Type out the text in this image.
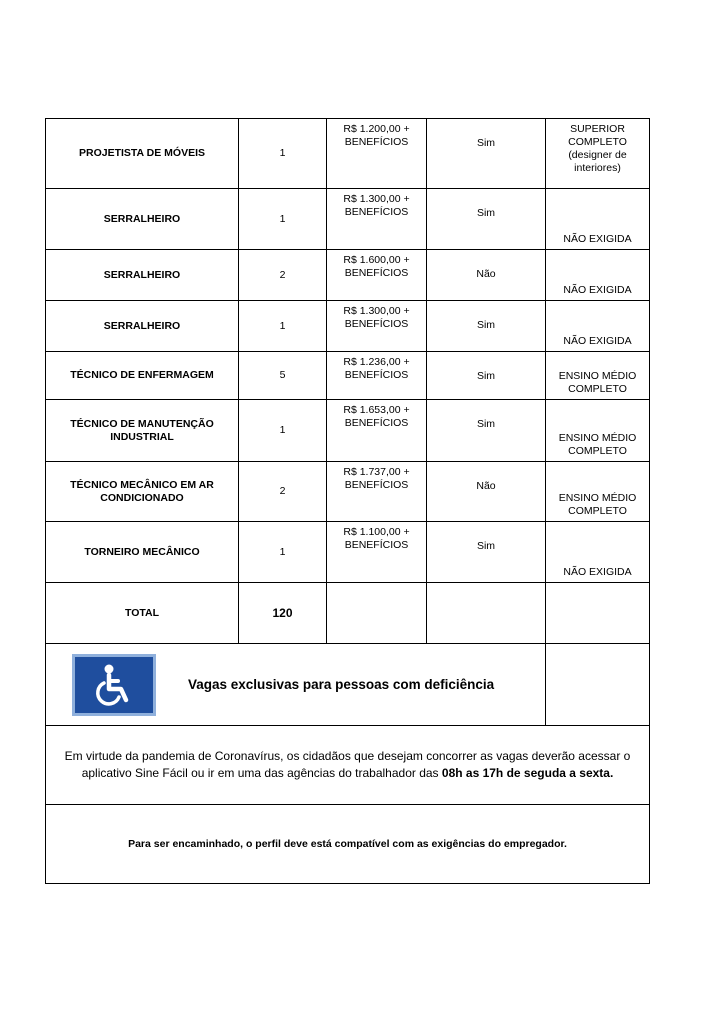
PROJETISTA DE MÓVEIS	1	R$ 1.200,00 + BENEFÍCIOS	Sim	SUPERIOR COMPLETO (designer de interiores)
SERRALHEIRO	1	R$ 1.300,00 + BENEFÍCIOS	Sim	NÃO EXIGIDA
SERRALHEIRO	2	R$ 1.600,00 + BENEFÍCIOS	Não	NÃO EXIGIDA
SERRALHEIRO	1	R$ 1.300,00 + BENEFÍCIOS	Sim	NÃO EXIGIDA
TÉCNICO DE ENFERMAGEM	5	R$ 1.236,00 + BENEFÍCIOS	Sim	ENSINO MÉDIO COMPLETO
TÉCNICO DE MANUTENÇÃO INDUSTRIAL	1	R$ 1.653,00 + BENEFÍCIOS	Sim	ENSINO MÉDIO COMPLETO
TÉCNICO MECÂNICO EM AR CONDICIONADO	2	R$ 1.737,00 + BENEFÍCIOS	Não	ENSINO MÉDIO COMPLETO
TORNEIRO MECÂNICO	1	R$ 1.100,00 + BENEFÍCIOS	Sim	NÃO EXIGIDA
TOTAL	120			

Vagas exclusivas para pessoas com deficiência				

Em virtude da pandemia de Coronavírus, os cidadãos que desejam concorrer as vagas deverão acessar o aplicativo Sine Fácil ou ir em uma das agências do trabalhador das 08h as 17h de seguda a sexta.				
Para ser encaminhado, o perfil deve está compatível com as exigências do empregador.				
